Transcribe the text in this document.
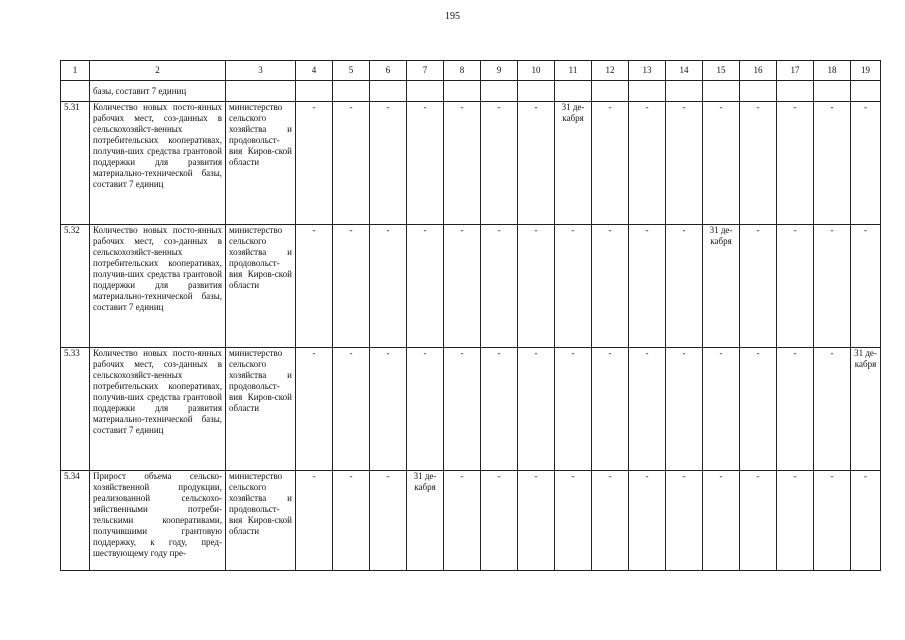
195
1	2	3	4	5	6	7	8	9	10	11	12	13	14	15	16	17	18	19
	базы, составит 7 единиц																	
5.31	Количество новых посто-янных рабочих мест, соз-данных в сельскохозяйст-венных потребительских кооперативах, получив-ших средства грантовой поддержки для развития материально-технической базы, составит 7 единиц	министерство сельского хозяйства и продовольст-вия Киров-ской области	-	-	-	-	-	-	-	31 де-кабря	-	-	-	-	-	-	-	-
5.32	Количество новых посто-янных рабочих мест, соз-данных в сельскохозяйст-венных потребительских кооперативах, получив-ших средства грантовой поддержки для развития материально-технической базы, составит 7 единиц	министерство сельского хозяйства и продовольст-вия Киров-ской области	-	-	-	-	-	-	-	-	-	-	-	31 де-кабря	-	-	-	-
5.33	Количество новых посто-янных рабочих мест, соз-данных в сельскохозяйст-венных потребительских кооперативах, получив-ших средства грантовой поддержки для развития материально-технической базы, составит 7 единиц	министерство сельского хозяйства и продовольст-вия Киров-ской области	-	-	-	-	-	-	-	-	-	-	-	-	-	-	-	31 де-кабря
5.34	Прирост объема сельско-хозяйственной продукции, реализованной сельскохо-зяйственными потреби-тельскими кооперативами, получившими грантовую поддержку, к году, пред-шествующему году пре-	министерство сельского хозяйства и продовольст-вия Киров-ской области	-	-	-	31 де-кабря	-	-	-	-	-	-	-	-	-	-	-	-
